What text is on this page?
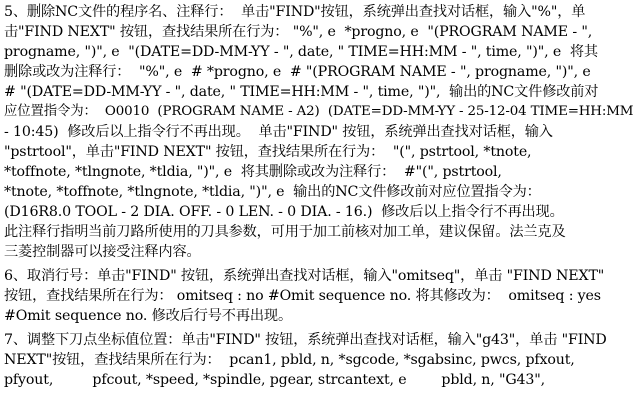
5、删除NC文件的程序名、注释行：  单击"FIND"按钮，系统弹出查找对话框，输入"%"，单
击"FIND NEXT" 按钮，查找结果所在行为： "%", e  *progno, e  "(PROGRAM NAME - ",
progname, ")", e  "(DATE=DD-MM-YY - ", date, " TIME=HH:MM - ", time, ")", e  将其
删除或改为注释行：  "%", e  # *progno, e  # "(PROGRAM NAME - ", progname, ")", e
# "(DATE=DD-MM-YY - ", date, " TIME=HH:MM - ", time, ")",  输出的NC文件修改前对
应位置指令为：  O0010  (PROGRAM NAME - A2)  (DATE=DD-MM-YY - 25-12-04 TIME=HH:MM
- 10:45)  修改后以上指令行不再出现。  单击"FIND" 按钮，系统弹出查找对话框，输入
"pstrtool"，单击"FIND NEXT" 按钮，查找结果所在行为：  "(", pstrtool, *tnote,
*toffnote, *tlngnote, *tldia, ")", e  将其删除或改为注释行：  #"(", pstrtool,
*tnote, *toffnote, *tlngnote, *tldia, ")", e  输出的NC文件修改前对应位置指令为：
(D16R8.0 TOOL - 2 DIA. OFF. - 0 LEN. - 0 DIA. - 16.)  修改后以上指令行不再出现。
此注释行指明当前刀路所使用的刀具参数，可用于加工前核对加工单，建议保留。法兰克及
三菱控制器可以接受注释内容。
6、取消行号：单击"FIND" 按钮，系统弹出查找对话框，输入"omitseq"，单击 "FIND NEXT"
按钮，查找结果所在行为： omitseq : no #Omit sequence no. 将其修改为：  omitseq : yes
#Omit sequence no. 修改后行号不再出现。
7、调整下刀点坐标值位置：单击"FIND" 按钮，系统弹出查找对话框，输入"g43"，单击 "FIND
NEXT"按钮，查找结果所在行为：  pcan1, pbld, n, *sgcode, *sgabsinc, pwcs, pfxout,
pfyout,         pfcout, *speed, *spindle, pgear, strcantext, e        pbld, n, "G43",
